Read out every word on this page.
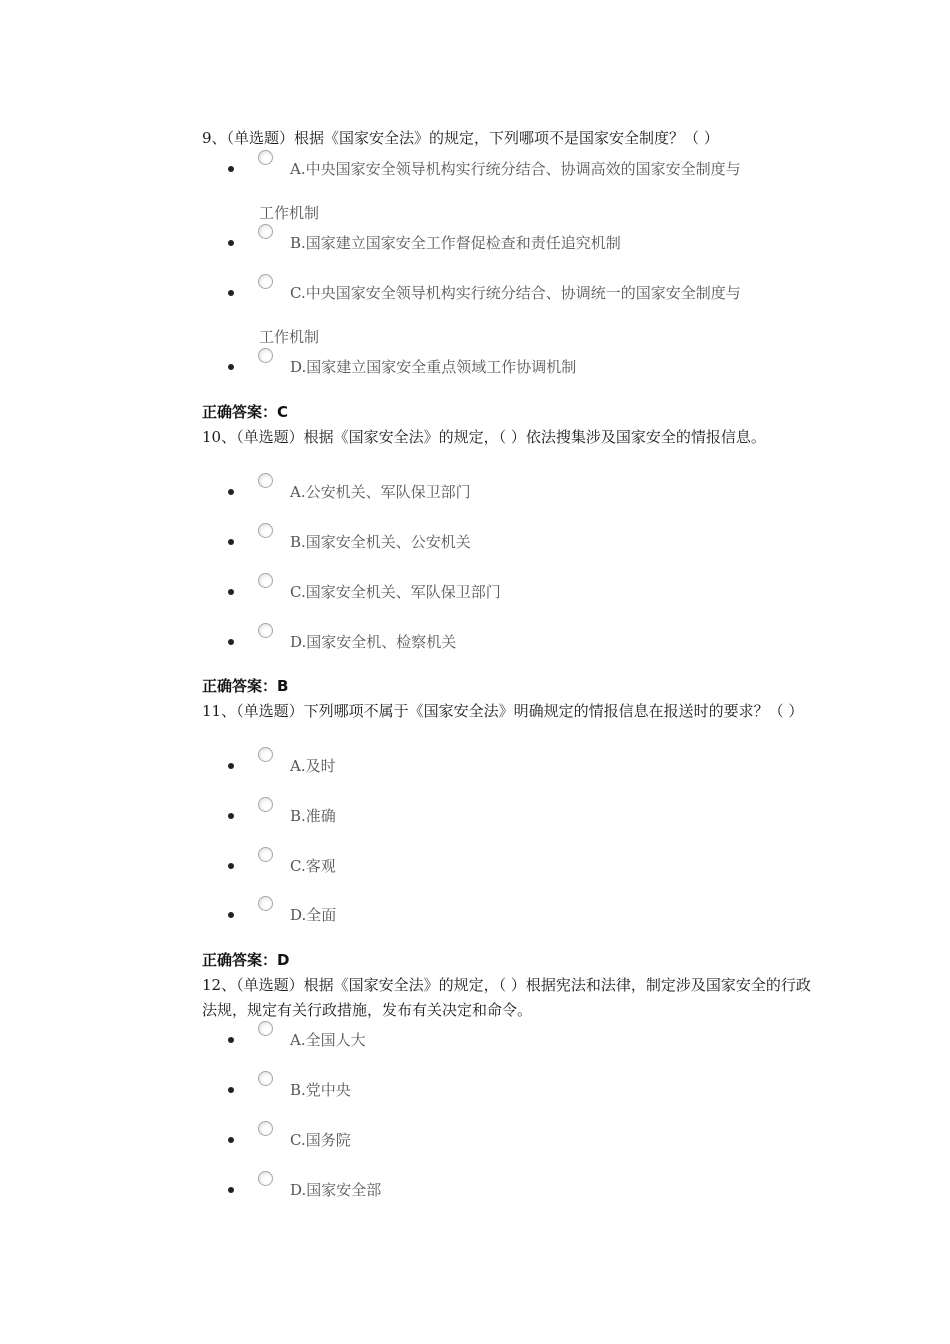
9、（单选题）根据《国家安全法》的规定，下列哪项不是国家安全制度？（ ）
A.中央国家安全领导机构实行统分结合、协调高效的国家安全制度与
工作机制
B.国家建立国家安全工作督促检查和责任追究机制
C.中央国家安全领导机构实行统分结合、协调统一的国家安全制度与
工作机制
D.国家建立国家安全重点领域工作协调机制
正确答案：C
10、（单选题）根据《国家安全法》的规定，（ ）依法搜集涉及国家安全的情报信息。
A.公安机关、军队保卫部门
B.国家安全机关、公安机关
C.国家安全机关、军队保卫部门
D.国家安全机、检察机关
正确答案：B
11、（单选题）下列哪项不属于《国家安全法》明确规定的情报信息在报送时的要求？（ ）
A.及时
B.准确
C.客观
D.全面
正确答案：D
12、（单选题）根据《国家安全法》的规定，（ ）根据宪法和法律，制定涉及国家安全的行政法规，规定有关行政措施，发布有关决定和命令。
A.全国人大
B.党中央
C.国务院
D.国家安全部
